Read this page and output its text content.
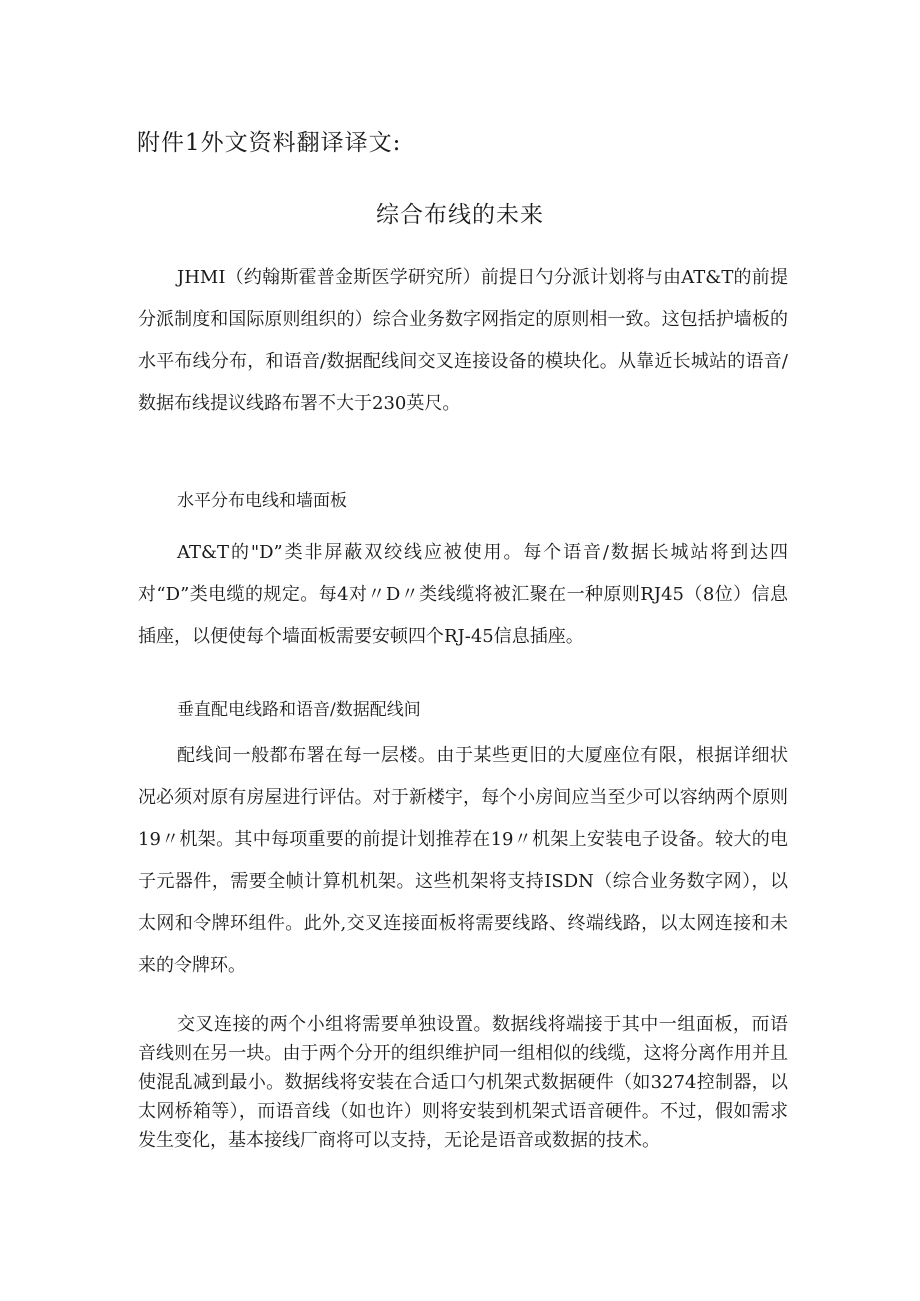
附件1外文资料翻译译文:
综合布线的未来

JHMI（约翰斯霍普金斯医学研究所）前提日勺分派计划将与由AT&T的前提分派制度和国际原则组织的）综合业务数字网指定的原则相一致。这包括护墙板的水平布线分布，和语音/数据配线间交叉连接设备的模块化。从靠近长城站的语音/数据布线提议线路布署不大于230英尺。

水平分布电线和墙面板

AT&T的"D”类非屏蔽双绞线应被使用。每个语音/数据长城站将到达四对“D”类电缆的规定。每4对〃D〃类线缆将被汇聚在一种原则RJ45（8位）信息插座，以便使每个墙面板需要安顿四个RJ-45信息插座。

垂直配电线路和语音/数据配线间

配线间一般都布署在每一层楼。由于某些更旧的大厦座位有限，根据详细状况必须对原有房屋进行评估。对于新楼宇，每个小房间应当至少可以容纳两个原则19〃机架。其中每项重要的前提计划推荐在19〃机架上安装电子设备。较大的电子元器件，需要全帧计算机机架。这些机架将支持ISDN（综合业务数字网），以太网和令牌环组件。此外,交叉连接面板将需要线路、终端线路，以太网连接和未来的令牌环。

交叉连接的两个小组将需要单独设置。数据线将端接于其中一组面板，而语音线则在另一块。由于两个分开的组织维护同一组相似的线缆，这将分离作用并且使混乱减到最小。数据线将安装在合适口勺机架式数据硬件（如3274控制器，以太网桥箱等），而语音线（如也许）则将安装到机架式语音硬件。不过，假如需求发生变化，基本接线厂商将可以支持，无论是语音或数据的技术。
